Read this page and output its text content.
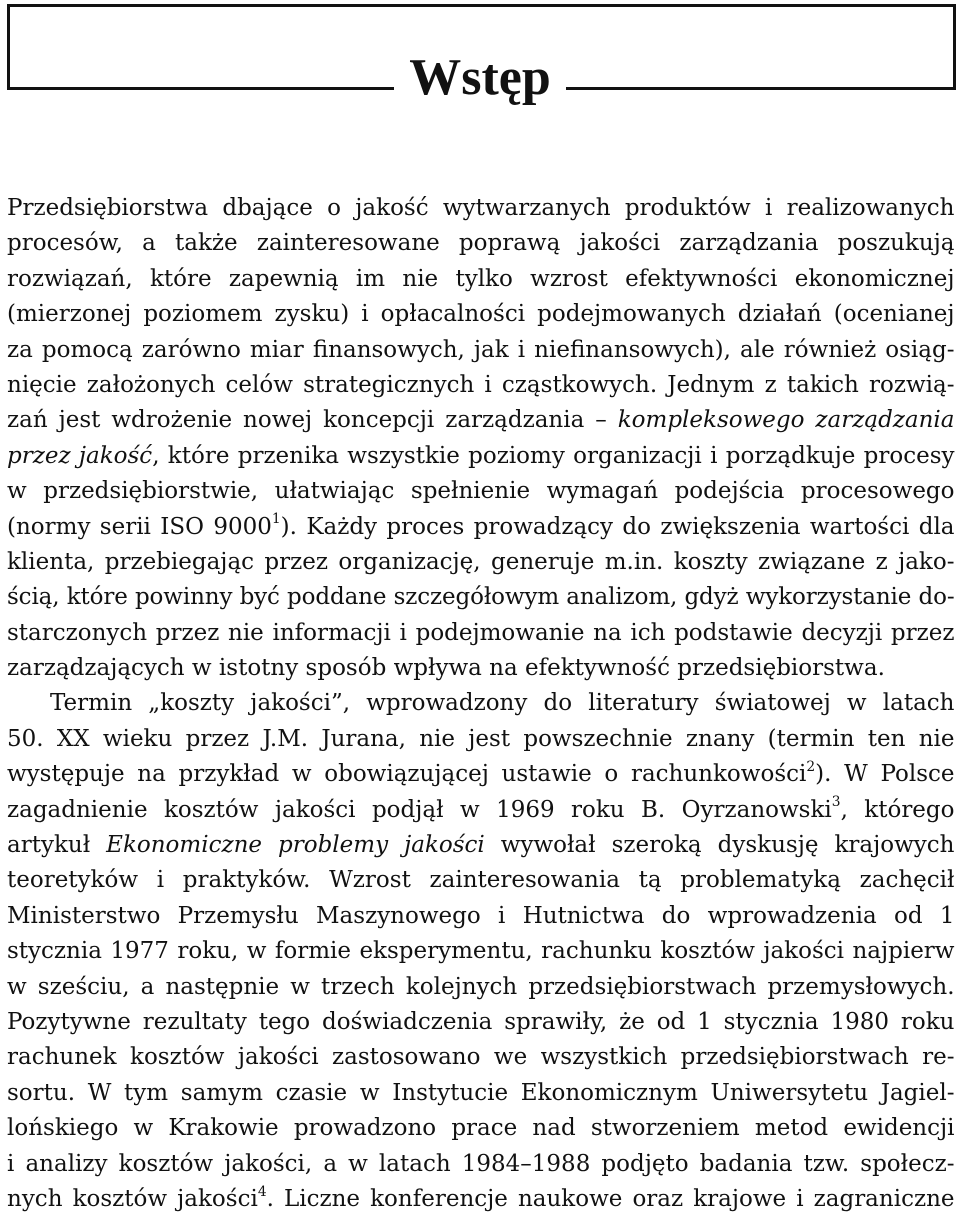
Wstęp
Przedsiębiorstwa dbające o jakość wytwarzanych produktów i realizowanych
procesów, a także zainteresowane poprawą jakości zarządzania poszukują
rozwiązań, które zapewnią im nie tylko wzrost efektywności ekonomicznej
(mierzonej poziomem zysku) i opłacalności podejmowanych działań (ocenianej
za pomocą zarówno miar finansowych, jak i niefinansowych), ale również osiąg-
nięcie założonych celów strategicznych i cząstkowych. Jednym z takich rozwią-
zań jest wdrożenie nowej koncepcji zarządzania – kompleksowego zarządzania
przez jakość, które przenika wszystkie poziomy organizacji i porządkuje procesy
w przedsiębiorstwie, ułatwiając spełnienie wymagań podejścia procesowego
(normy serii ISO 9000$^1$). Każdy proces prowadzący do zwiększenia wartości dla
klienta, przebiegając przez organizację, generuje m.in. koszty związane z jako-
ścią, które powinny być poddane szczegółowym analizom, gdyż wykorzystanie do-
starczonych przez nie informacji i podejmowanie na ich podstawie decyzji przez
zarządzających w istotny sposób wpływa na efektywność przedsiębiorstwa.
Termin „koszty jakości”, wprowadzony do literatury światowej w latach
50. XX wieku przez J.M. Jurana, nie jest powszechnie znany (termin ten nie
występuje na przykład w obowiązującej ustawie o rachunkowości$^2$). W Polsce
zagadnienie kosztów jakości podjął w 1969 roku B. Oyrzanowski$^3$, którego
artykuł Ekonomiczne problemy jakości wywołał szeroką dyskusję krajowych
teoretyków i praktyków. Wzrost zainteresowania tą problematyką zachęcił
Ministerstwo Przemysłu Maszynowego i Hutnictwa do wprowadzenia od 1
stycznia 1977 roku, w formie eksperymentu, rachunku kosztów jakości najpierw
w sześciu, a następnie w trzech kolejnych przedsiębiorstwach przemysłowych.
Pozytywne rezultaty tego doświadczenia sprawiły, że od 1 stycznia 1980 roku
rachunek kosztów jakości zastosowano we wszystkich przedsiębiorstwach re-
sortu. W tym samym czasie w Instytucie Ekonomicznym Uniwersytetu Jagiel-
lońskiego w Krakowie prowadzono prace nad stworzeniem metod ewidencji
i analizy kosztów jakości, a w latach 1984–1988 podjęto badania tzw. społecz-
nych kosztów jakości$^4$. Liczne konferencje naukowe oraz krajowe i zagraniczne
